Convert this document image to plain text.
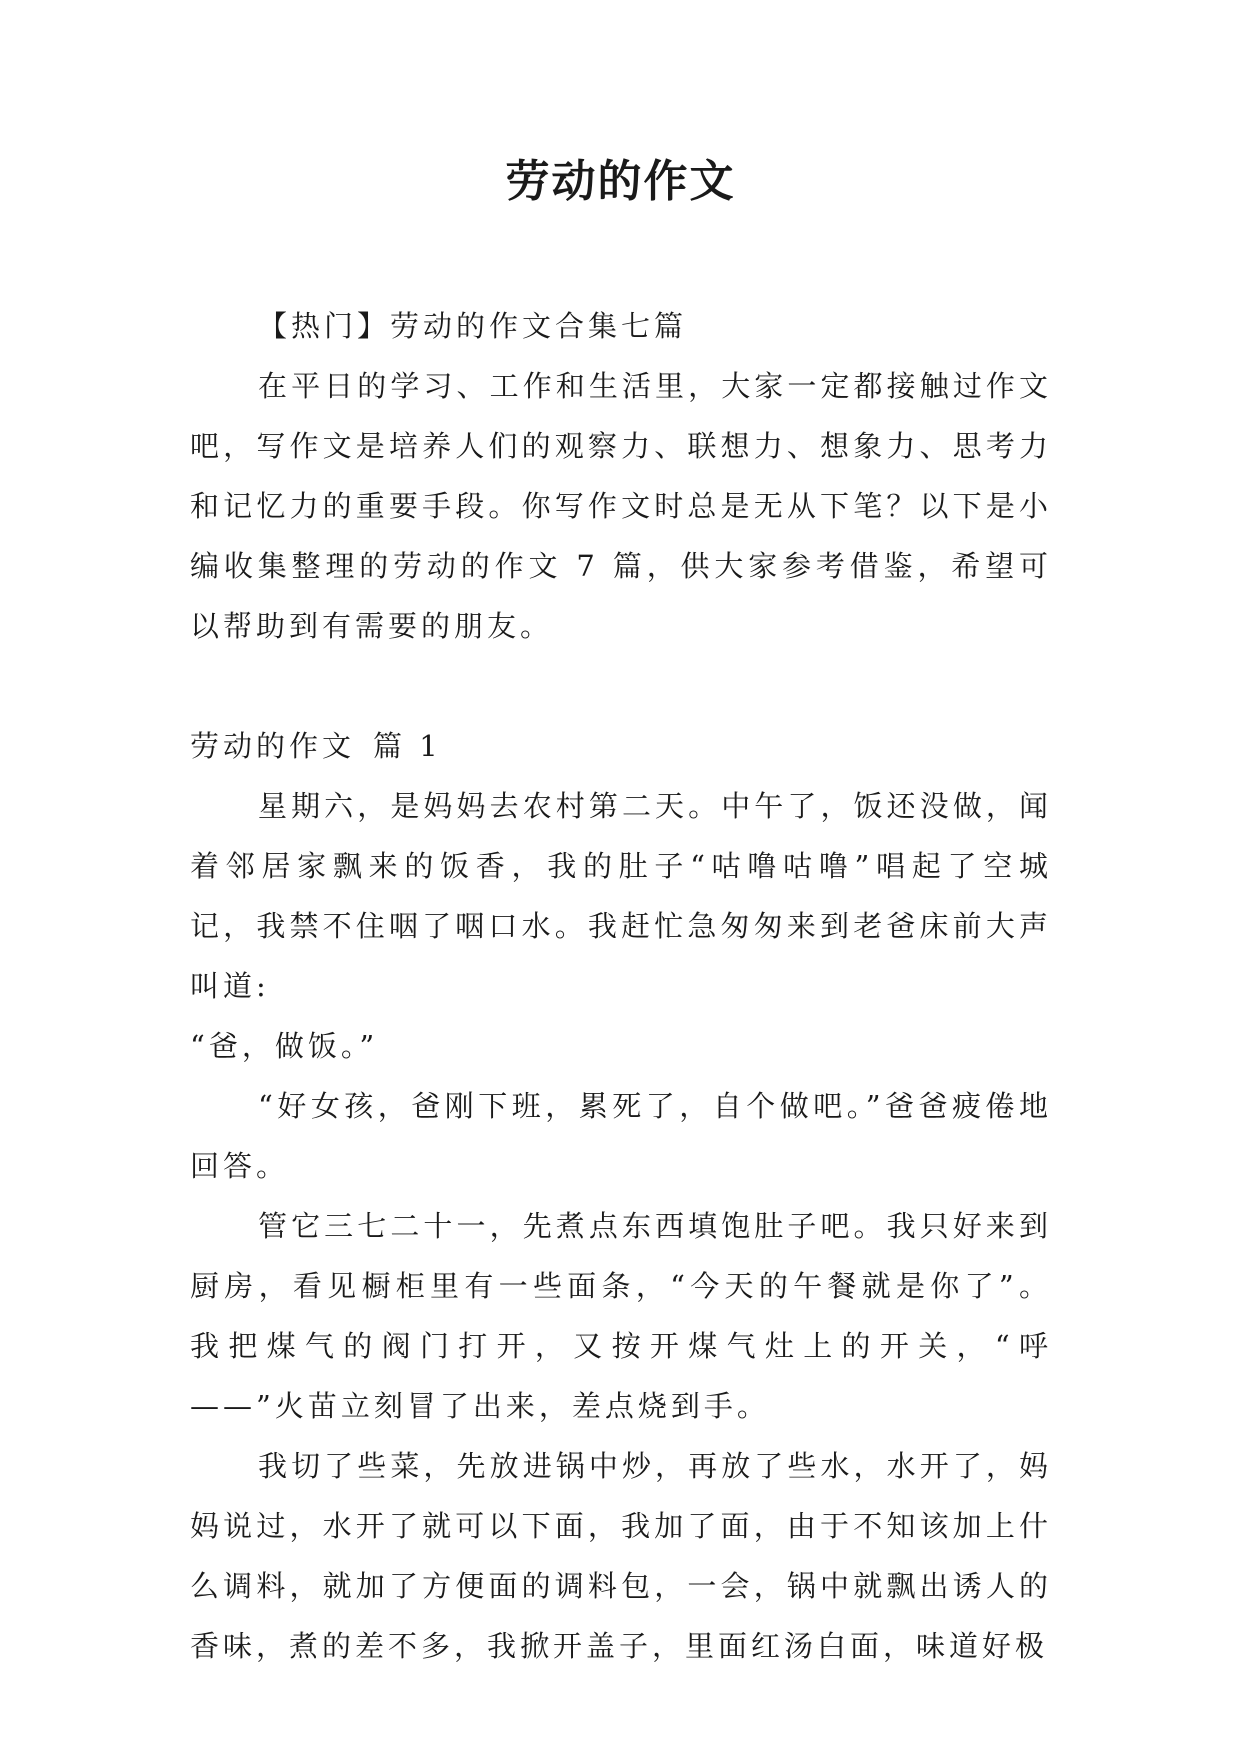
劳动的作文

【热门】劳动的作文合集七篇

在平日的学习、工作和生活里，大家一定都接触过作文吧，写作文是培养人们的观察力、联想力、想象力、思考力和记忆力的重要手段。你写作文时总是无从下笔？以下是小编收集整理的劳动的作文 7 篇，供大家参考借鉴，希望可以帮助到有需要的朋友。

劳动的作文 篇 1

星期六，是妈妈去农村第二天。中午了，饭还没做，闻着邻居家飘来的饭香，我的肚子“咕噜咕噜”唱起了空城记，我禁不住咽了咽口水。我赶忙急匆匆来到老爸床前大声叫道:

“爸，做饭。”

“好女孩，爸刚下班，累死了，自个做吧。”爸爸疲倦地回答。

管它三七二十一，先煮点东西填饱肚子吧。我只好来到厨房，看见橱柜里有一些面条，“今天的午餐就是你了”。我把煤气的阀门打开，又按开煤气灶上的开关，“呼——”火苗立刻冒了出来，差点烧到手。

我切了些菜，先放进锅中炒，再放了些水，水开了，妈妈说过，水开了就可以下面，我加了面，由于不知该加上什么调料，就加了方便面的调料包，一会，锅中就飘出诱人的香味，煮的差不多，我掀开盖子，里面红汤白面，味道好极
